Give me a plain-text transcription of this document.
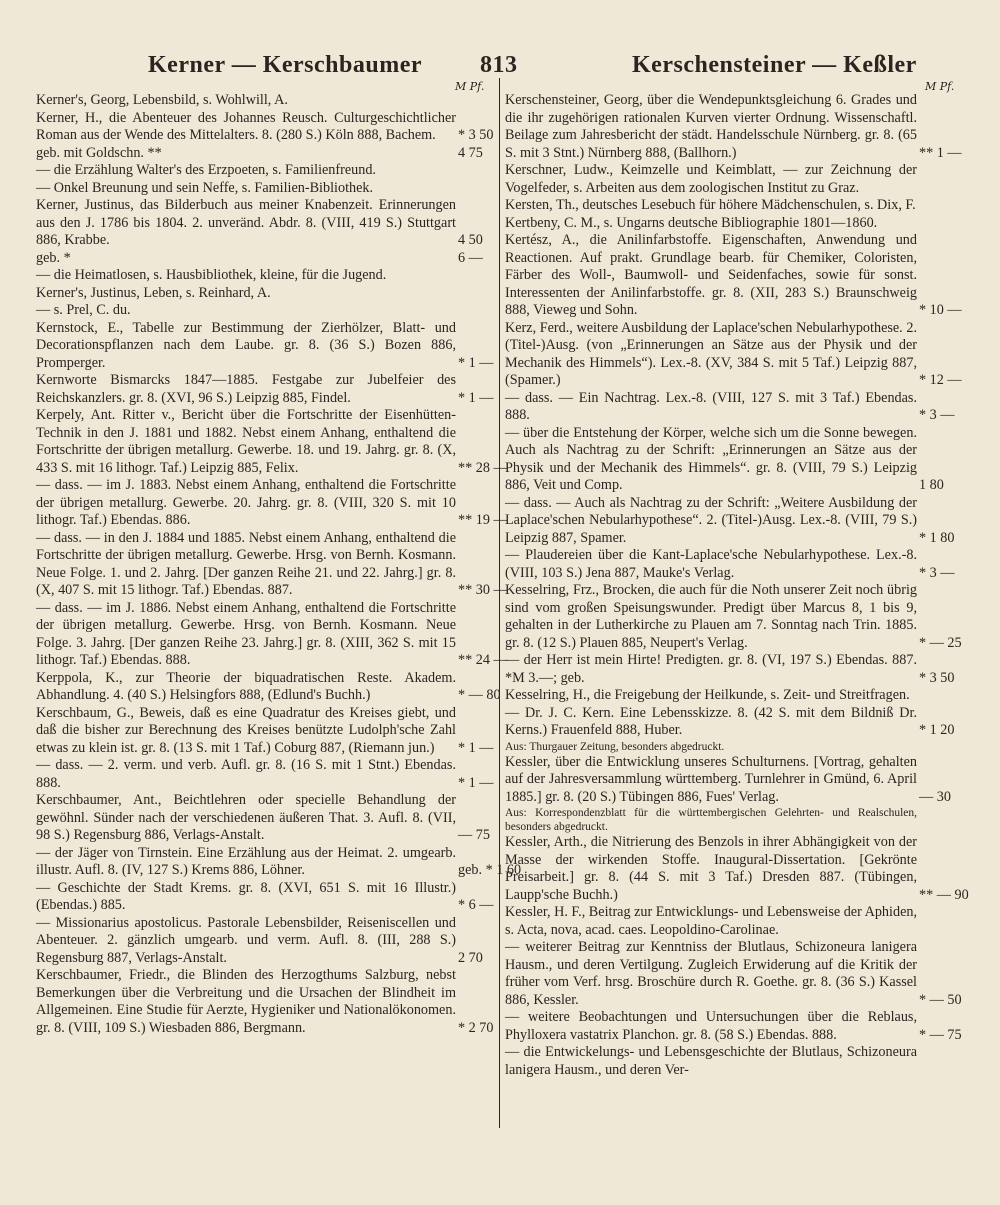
Kerner — Kerschbaumer 813	Kerschensteiner — Keßler
M Pf.	M Pf.
Kerner's, Georg, Lebensbild, s. Wohlwill, A.
Kerner, H., die Abenteuer des Johannes Reusch. Culturgeschichtlicher Roman aus der Wende des Mittelalters. 8. (280 S.) Köln 888, Bachem.	* 3 50
geb. mit Goldschn. **	4 75
— die Erzählung Walter's des Erzpoeten, s. Familienfreund.
— Onkel Breunung und sein Neffe, s. Familien-Bibliothek.
Kerner, Justinus, das Bilderbuch aus meiner Knabenzeit. Erinnerungen aus den J. 1786 bis 1804. 2. unveränd. Abdr. 8. (VIII, 419 S.) Stuttgart 886, Krabbe.	4 50
geb. *	6 —
— die Heimatlosen, s. Hausbibliothek, kleine, für die Jugend.
Kerner's, Justinus, Leben, s. Reinhard, A.
— s. Prel, C. du.
Kernstock, E., Tabelle zur Bestimmung der Zierhölzer, Blatt- und Decorationspflanzen nach dem Laube. gr. 8. (36 S.) Bozen 886, Promperger.	* 1 —
Kernworte Bismarcks 1847—1885. Festgabe zur Jubelfeier des Reichskanzlers. gr. 8. (XVI, 96 S.) Leipzig 885, Findel.	* 1 —
Kerpely, Ant. Ritter v., Bericht über die Fortschritte der Eisenhütten-Technik in den J. 1881 und 1882. Nebst einem Anhang, enthaltend die Fortschritte der übrigen metallurg. Gewerbe. 18. und 19. Jahrg. gr. 8. (X, 433 S. mit 16 lithogr. Taf.) Leipzig 885, Felix.	** 28 —
— dass. — im J. 1883. Nebst einem Anhang, enthaltend die Fortschritte der übrigen metallurg. Gewerbe. 20. Jahrg. gr. 8. (VIII, 320 S. mit 10 lithogr. Taf.) Ebendas. 886.	** 19 —
— dass. — in den J. 1884 und 1885. Nebst einem Anhang, enthaltend die Fortschritte der übrigen metallurg. Gewerbe. Hrsg. von Bernh. Kosmann. Neue Folge. 1. und 2. Jahrg. [Der ganzen Reihe 21. und 22. Jahrg.] gr. 8. (X, 407 S. mit 15 lithogr. Taf.) Ebendas. 887.	** 30 —
— dass. — im J. 1886. Nebst einem Anhang, enthaltend die Fortschritte der übrigen metallurg. Gewerbe. Hrsg. von Bernh. Kosmann. Neue Folge. 3. Jahrg. [Der ganzen Reihe 23. Jahrg.] gr. 8. (XIII, 362 S. mit 15 lithogr. Taf.) Ebendas. 888.	** 24 —
Kerppola, K., zur Theorie der biquadratischen Reste. Akadem. Abhandlung. 4. (40 S.) Helsingfors 888, (Edlund's Buchh.)	* — 80
Kerschbaum, G., Beweis, daß es eine Quadratur des Kreises giebt, und daß die bisher zur Berechnung des Kreises benützte Ludolph'sche Zahl etwas zu klein ist. gr. 8. (13 S. mit 1 Taf.) Coburg 887, (Riemann jun.)	* 1 —
— dass. — 2. verm. und verb. Aufl. gr. 8. (16 S. mit 1 Stnt.) Ebendas. 888.	* 1 —
Kerschbaumer, Ant., Beichtlehren oder specielle Behandlung der gewöhnl. Sünder nach der verschiedenen äußeren That. 3. Aufl. 8. (VII, 98 S.) Regensburg 886, Verlags-Anstalt.	— 75
— der Jäger von Tirnstein. Eine Erzählung aus der Heimat. 2. umgearb. illustr. Aufl. 8. (IV, 127 S.) Krems 886, Löhner.	geb. * 1 60
— Geschichte der Stadt Krems. gr. 8. (XVI, 651 S. mit 16 Illustr.) (Ebendas.) 885.	* 6 —
— Missionarius apostolicus. Pastorale Lebensbilder, Reiseniscellen und Abenteuer. 2. gänzlich umgearb. und verm. Aufl. 8. (III, 288 S.) Regensburg 887, Verlags-Anstalt.	2 70
Kerschbaumer, Friedr., die Blinden des Herzogthums Salzburg, nebst Bemerkungen über die Verbreitung und die Ursachen der Blindheit im Allgemeinen. Eine Studie für Aerzte, Hygieniker und Nationalökonomen. gr. 8. (VIII, 109 S.) Wiesbaden 886, Bergmann.	* 2 70
Kerschensteiner, Georg, über die Wendepunktsgleichung 6. Grades und die ihr zugehörigen rationalen Kurven vierter Ordnung. Wissenschaftl. Beilage zum Jahresbericht der städt. Handelsschule Nürnberg. gr. 8. (65 S. mit 3 Stnt.) Nürnberg 888, (Ballhorn.)	** 1 —
Kerschner, Ludw., Keimzelle und Keimblatt, — zur Zeichnung der Vogelfeder, s. Arbeiten aus dem zoologischen Institut zu Graz.
Kersten, Th., deutsches Lesebuch für höhere Mädchenschulen, s. Dix, F.
Kertbeny, C. M., s. Ungarns deutsche Bibliographie 1801—1860.
Kertész, A., die Anilinfarbstoffe. Eigenschaften, Anwendung und Reactionen. Auf prakt. Grundlage bearb. für Chemiker, Coloristen, Färber des Woll-, Baumwoll- und Seidenfaches, sowie für sonst. Interessenten der Anilinfarbstoffe. gr. 8. (XII, 283 S.) Braunschweig 888, Vieweg und Sohn.	* 10 —
Kerz, Ferd., weitere Ausbildung der Laplace'schen Nebularhypothese. 2. (Titel-)Ausg. (von „Erinnerungen an Sätze aus der Physik und der Mechanik des Himmels“). Lex.-8. (XV, 384 S. mit 5 Taf.) Leipzig 887, (Spamer.)	* 12 —
— dass. — Ein Nachtrag. Lex.-8. (VIII, 127 S. mit 3 Taf.) Ebendas. 888.	* 3 —
— über die Entstehung der Körper, welche sich um die Sonne bewegen. Auch als Nachtrag zu der Schrift: „Erinnerungen an Sätze aus der Physik und der Mechanik des Himmels“. gr. 8. (VIII, 79 S.) Leipzig 886, Veit und Comp.	1 80
— dass. — Auch als Nachtrag zu der Schrift: „Weitere Ausbildung der Laplace'schen Nebularhypothese“. 2. (Titel-)Ausg. Lex.-8. (VIII, 79 S.) Leipzig 887, Spamer.	* 1 80
— Plaudereien über die Kant-Laplace'sche Nebularhypothese. Lex.-8. (VIII, 103 S.) Jena 887, Mauke's Verlag.	* 3 —
Kesselring, Frz., Brocken, die auch für die Noth unserer Zeit noch übrig sind vom großen Speisungswunder. Predigt über Marcus 8, 1 bis 9, gehalten in der Lutherkirche zu Plauen am 7. Sonntag nach Trin. 1885. gr. 8. (12 S.) Plauen 885, Neupert's Verlag.	* — 25
— der Herr ist mein Hirte! Predigten. gr. 8. (VI, 197 S.) Ebendas. 887. *M 3.—; geb.	* 3 50
Kesselring, H., die Freigebung der Heilkunde, s. Zeit- und Streitfragen.
— Dr. J. C. Kern. Eine Lebensskizze. 8. (42 S. mit dem Bildniß Dr. Kerns.) Frauenfeld 888, Huber.	* 1 20
Aus: Thurgauer Zeitung, besonders abgedruckt.
Kessler, über die Entwicklung unseres Schulturnens. [Vortrag, gehalten auf der Jahresversammlung württemberg. Turnlehrer in Gmünd, 6. April 1885.] gr. 8. (20 S.) Tübingen 886, Fues' Verlag.	— 30
Aus: Korrespondenzblatt für die württembergischen Gelehrten- und Realschulen, besonders abgedruckt.
Kessler, Arth., die Nitrierung des Benzols in ihrer Abhängigkeit von der Masse der wirkenden Stoffe. Inaugural-Dissertation. [Gekrönte Preisarbeit.] gr. 8. (44 S. mit 3 Taf.) Dresden 887. (Tübingen, Laupp'sche Buchh.)	** — 90
Kessler, H. F., Beitrag zur Entwicklungs- und Lebensweise der Aphiden, s. Acta, nova, acad. caes. Leopoldino-Carolinae.
— weiterer Beitrag zur Kenntniss der Blutlaus, Schizoneura lanigera Hausm., und deren Vertilgung. Zugleich Erwiderung auf die Kritik der früher vom Verf. hrsg. Broschüre durch R. Goethe. gr. 8. (36 S.) Kassel 886, Kessler.	* — 50
— weitere Beobachtungen und Untersuchungen über die Reblaus, Phylloxera vastatrix Planchon. gr. 8. (58 S.) Ebendas. 888.	* — 75
— die Entwickelungs- und Lebensgeschichte der Blutlaus, Schizoneura lanigera Hausm., und deren Ver-
